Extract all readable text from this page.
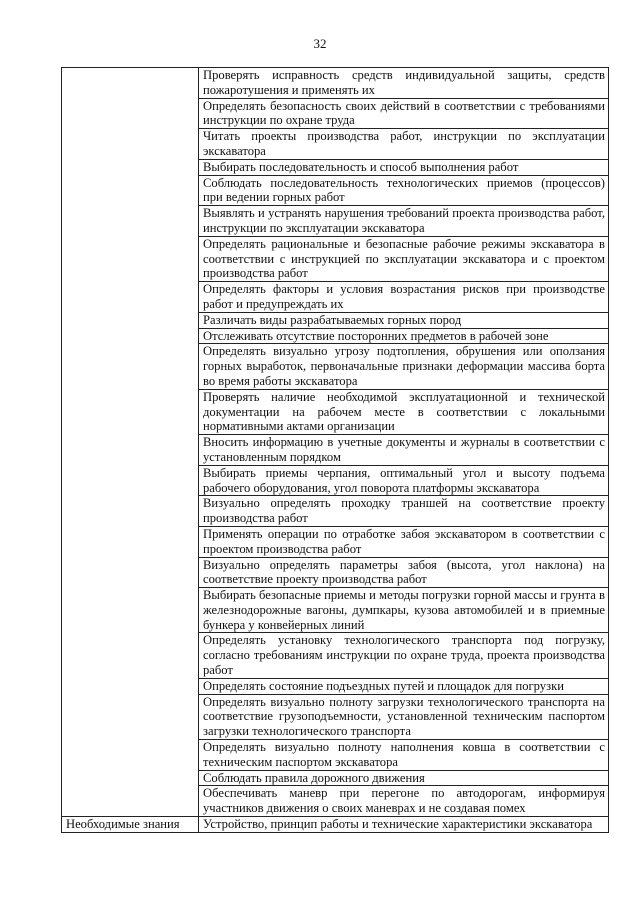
32
	Проверять исправность средств индивидуальной защиты, средств пожаротушения и применять их
	Определять безопасность своих действий в соответствии с требованиями инструкции по охране труда
	Читать проекты производства работ, инструкции по эксплуатации экскаватора
	Выбирать последовательность и способ выполнения работ
	Соблюдать последовательность технологических приемов (процессов) при ведении горных работ
	Выявлять и устранять нарушения требований проекта производства работ, инструкции по эксплуатации экскаватора
	Определять рациональные и безопасные рабочие режимы экскаватора в соответствии с инструкцией по эксплуатации экскаватора и с проектом производства работ
	Определять факторы и условия возрастания рисков при производстве работ и предупреждать их
	Различать виды разрабатываемых горных пород
	Отслеживать отсутствие посторонних предметов в рабочей зоне
	Определять визуально угрозу подтопления, обрушения или оползания горных выработок, первоначальные признаки деформации массива борта во время работы экскаватора
	Проверять наличие необходимой эксплуатационной и технической документации на рабочем месте в соответствии с локальными нормативными актами организации
	Вносить информацию в учетные документы и журналы в соответствии с установленным порядком
	Выбирать приемы черпания, оптимальный угол и высоту подъема рабочего оборудования, угол поворота платформы экскаватора
	Визуально определять проходку траншей на соответствие проекту производства работ
	Применять операции по отработке забоя экскаватором в соответствии с проектом производства работ
	Визуально определять параметры забоя (высота, угол наклона) на соответствие проекту производства работ
	Выбирать безопасные приемы и методы погрузки горной массы и грунта в железнодорожные вагоны, думпкары, кузова автомобилей и в приемные бункера у конвейерных линий
	Определять установку технологического транспорта под погрузку, согласно требованиям инструкции по охране труда, проекта производства работ
	Определять состояние подъездных путей и площадок для погрузки
	Определять визуально полноту загрузки технологического транспорта на соответствие грузоподъемности, установленной техническим паспортом загрузки технологического транспорта
	Определять визуально полноту наполнения ковша в соответствии с техническим паспортом экскаватора
	Соблюдать правила дорожного движения
	Обеспечивать маневр при перегоне по автодорогам, информируя участников движения о своих маневрах и не создавая помех
Необходимые знания	Устройство, принцип работы и технические характеристики экскаватора
